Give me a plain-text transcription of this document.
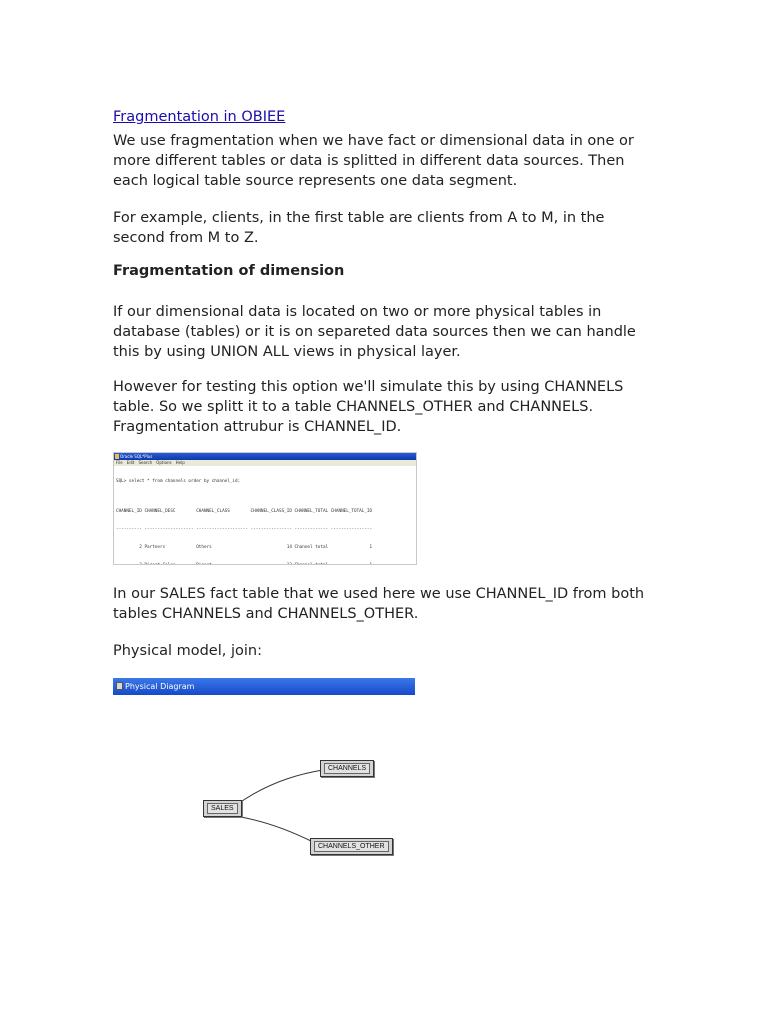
Fragmentation in OBIEE

We use fragmentation when we have fact or dimensional data in one or more different tables or data is splitted in different data sources. Then each logical table source represents one data segment.

For example, clients, in the first table are clients from A to M, in the second from M to Z.

Fragmentation of dimension

If our dimensional data is located on two or more physical tables in database (tables) or it is on separeted data sources then we can handle this by using UNION ALL views in physical layer.

However for testing this option we'll simulate this by using CHANNELS table. So we splitt it to a table CHANNELS_OTHER and CHANNELS. Fragmentation attrubur is CHANNEL_ID.

Oracle SQL*Plus
File Edit Search Options Help

SQL> select * from channels order by channel_id;

CHANNEL_ID CHANNEL_DESC        CHANNEL_CLASS        CHANNEL_CLASS_ID CHANNEL_TOTAL CHANNEL_TOTAL_ID

---------- ------------------- -------------------- ---------------- ------------- ----------------

2 Partners            Others                             14 Channel total                1

In our SALES fact table that we used here we use CHANNEL_ID from both tables CHANNELS and CHANNELS_OTHER.

Physical model, join:

Physical Diagram
SALES
CHANNELS
CHANNELS_OTHER
